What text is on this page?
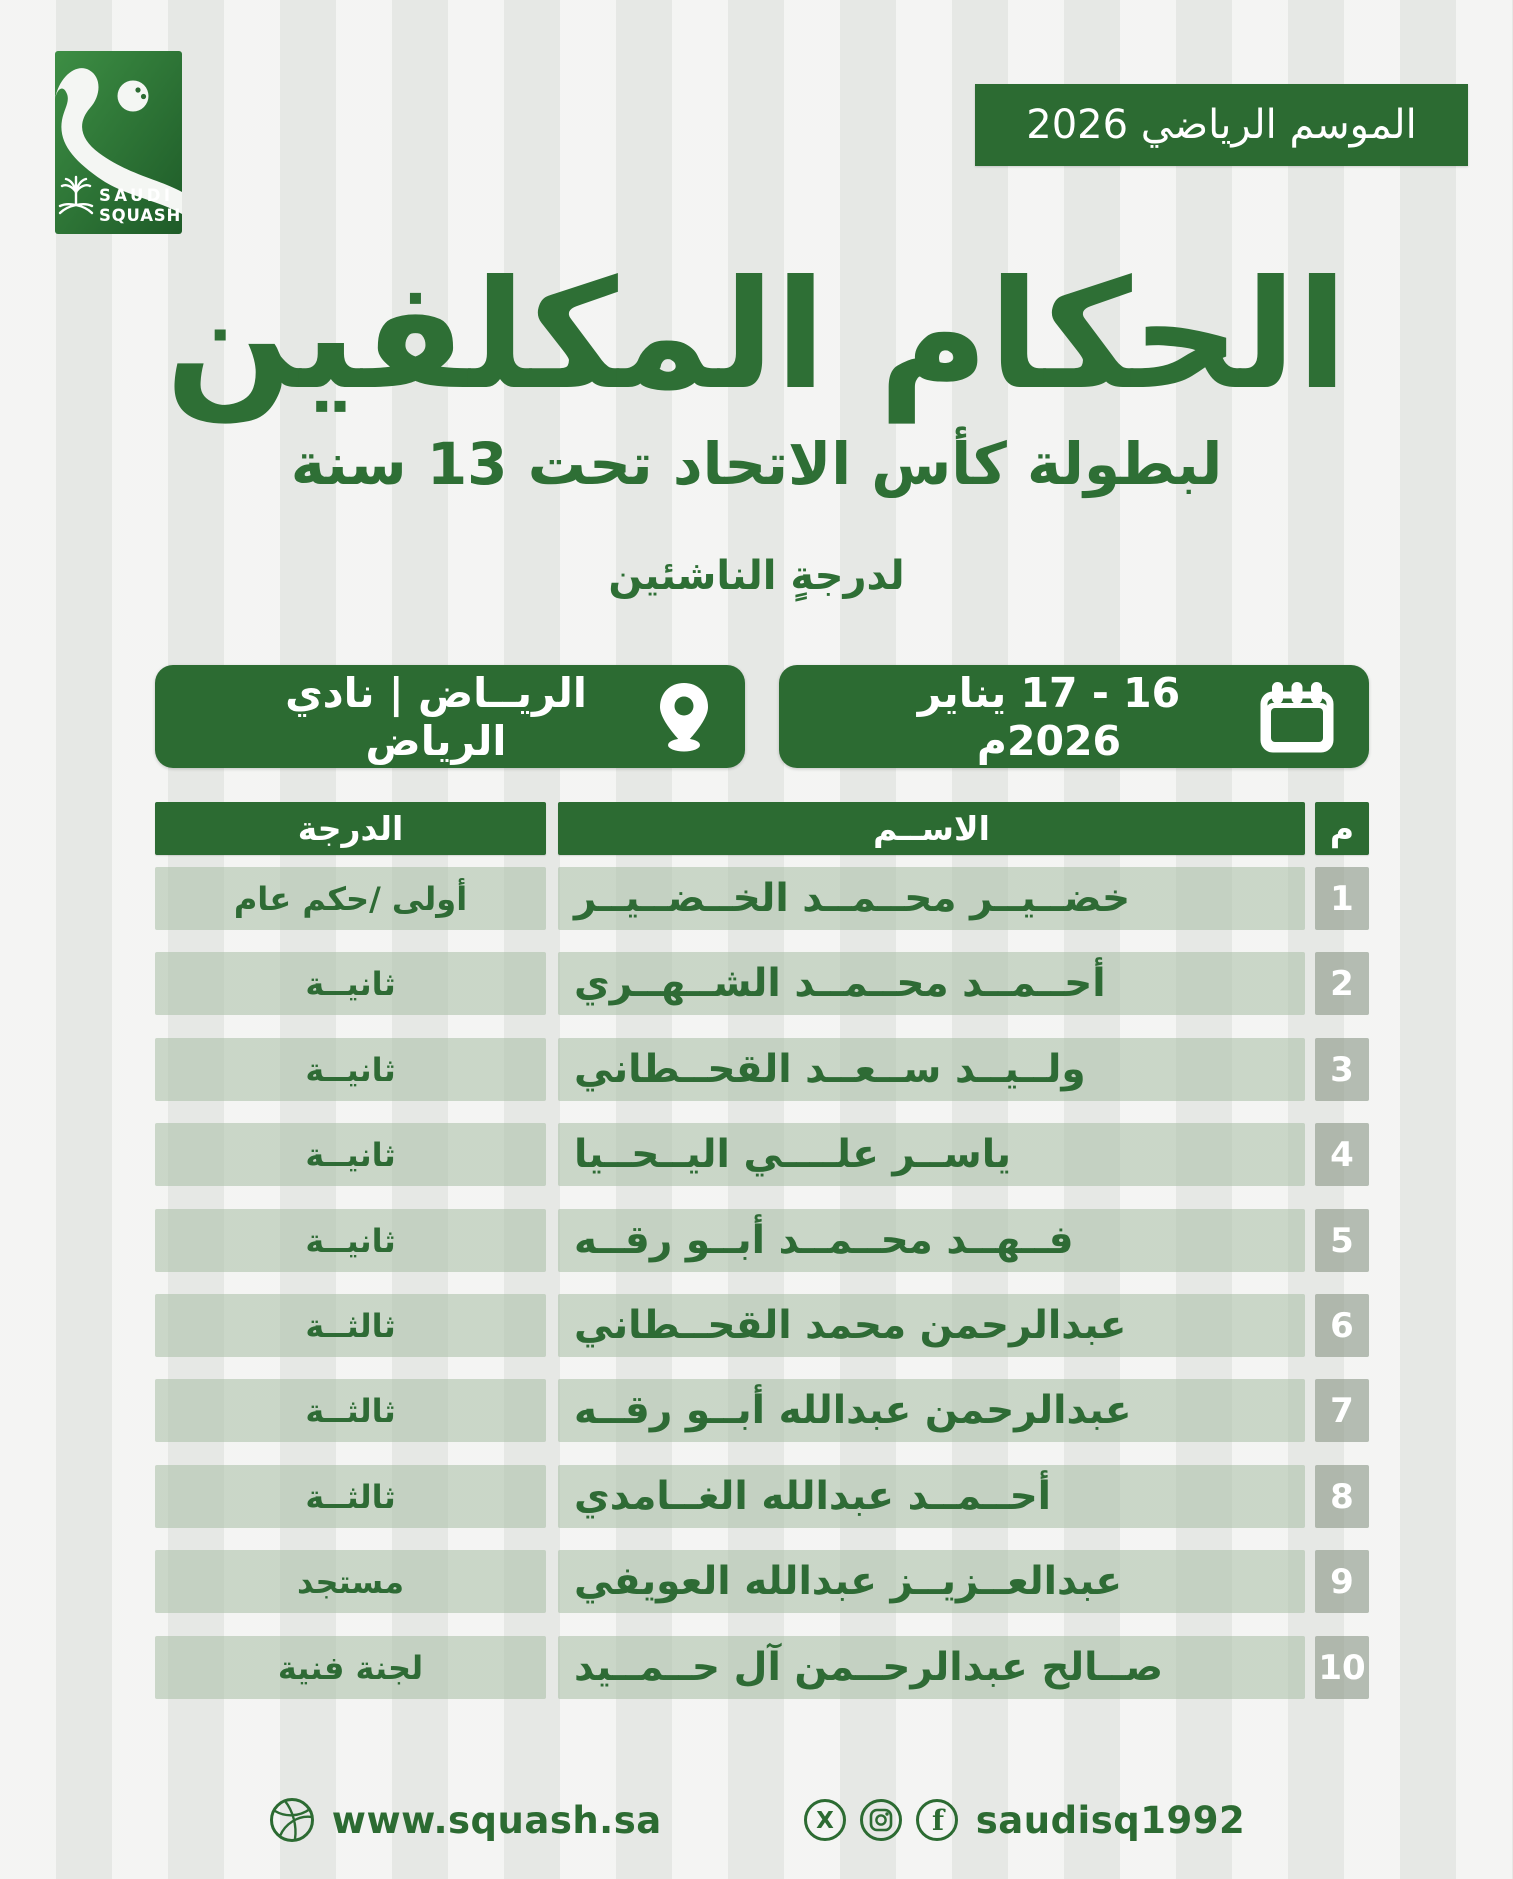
SAUDI
SQUASH
الموسم الرياضي 2026
الحكام المكلفين
لبطولة كأس الاتحاد تحت 13 سنة
لدرجةٍ الناشئين
الريــاض | نادي الرياض
16 - 17 يناير 2026م
م
الاســم
الدرجة
1
خضــيــر محــمــد الخــضــيــر
أولى /حكم عام
2
أحــمــد محــمــد الشــهــري
ثانيــة
3
ولــيــد ســعــد القحــطاني
ثانيــة
4
ياســر علــــي اليــحــيا
ثانيــة
5
فــهــد محــمــد أبــو رقــه
ثانيــة
6
عبدالرحمن محمد القحــطاني
ثالثــة
7
عبدالرحمن عبدالله أبــو رقــه
ثالثــة
8
أحــمــد عبدالله الغــامدي
ثالثــة
9
عبدالعــزيــز عبدالله العويفي
مستجد
10
صــالح عبدالرحــمن آل حــمــيد
لجنة فنية
www.squash.sa	X	f saudisq1992
